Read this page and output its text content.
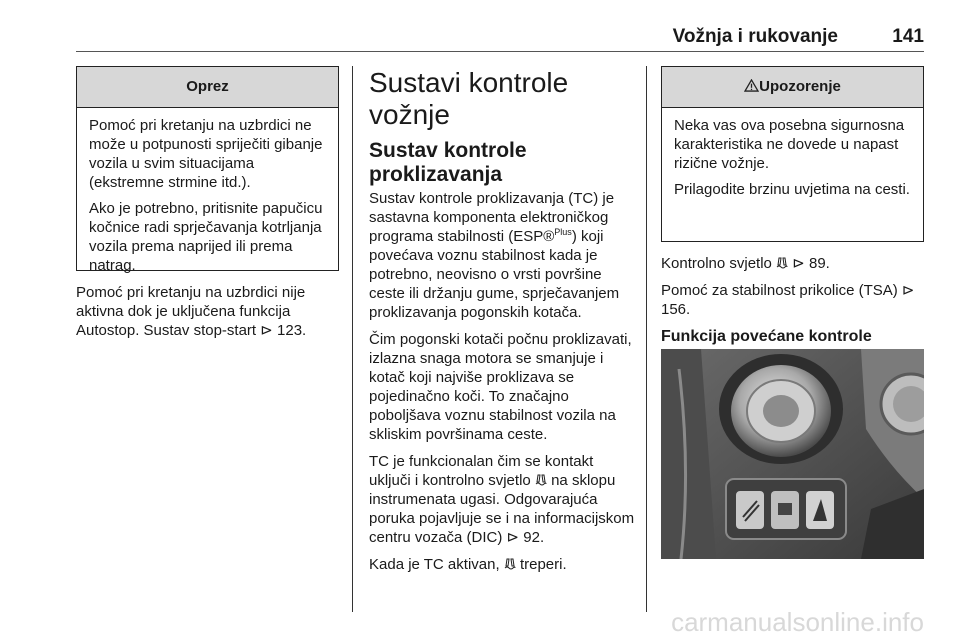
Vožnja i rukovanje	141
Oprez

Pomoć pri kretanju na uzbrdici ne može u potpunosti spriječiti gibanje vozila u svim situacijama (ekstremne strmine itd.).

Ako je potrebno, pritisnite papučicu kočnice radi sprječavanja kotrljanja vozila prema naprijed ili prema natrag.

Pomoć pri kretanju na uzbrdici nije aktivna dok je uključena funkcija Autostop. Sustav stop-start ⊳ 123.

Sustavi kontrole vožnje
Sustav kontrole proklizavanja

Sustav kontrole proklizavanja (TC) je sastavna komponenta elektroničkog programa stabilnosti (ESP®$^{Plus}$) koji povećava voznu stabilnost kada je potrebno, neovisno o vrsti površine ceste ili držanju gume, sprječavanjem proklizavanja pogonskih kotača.

Čim pogonski kotači počnu proklizavati, izlazna snaga motora se smanjuje i kotač koji najviše proklizava se pojedinačno koči. To značajno poboljšava voznu stabilnost vozila na skliskim površinama ceste.

TC je funkcionalan čim se kontakt uključi i kontrolno svjetlo  na sklopu instrumenata ugasi. Odgovarajuća poruka pojavljuje se i na informacijskom centru vozača (DIC) ⊳ 92.

Kada je TC aktivan,  treperi.

Upozorenje

Neka vas ova posebna sigurnosna karakteristika ne dovede u napast rizične vožnje.

Prilagodite brzinu uvjetima na cesti.

Kontrolno svjetlo  ⊳ 89.

Pomoć za stabilnost prikolice (TSA) ⊳ 156.

Funkcija povećane kontrole
carmanualsonline.info
